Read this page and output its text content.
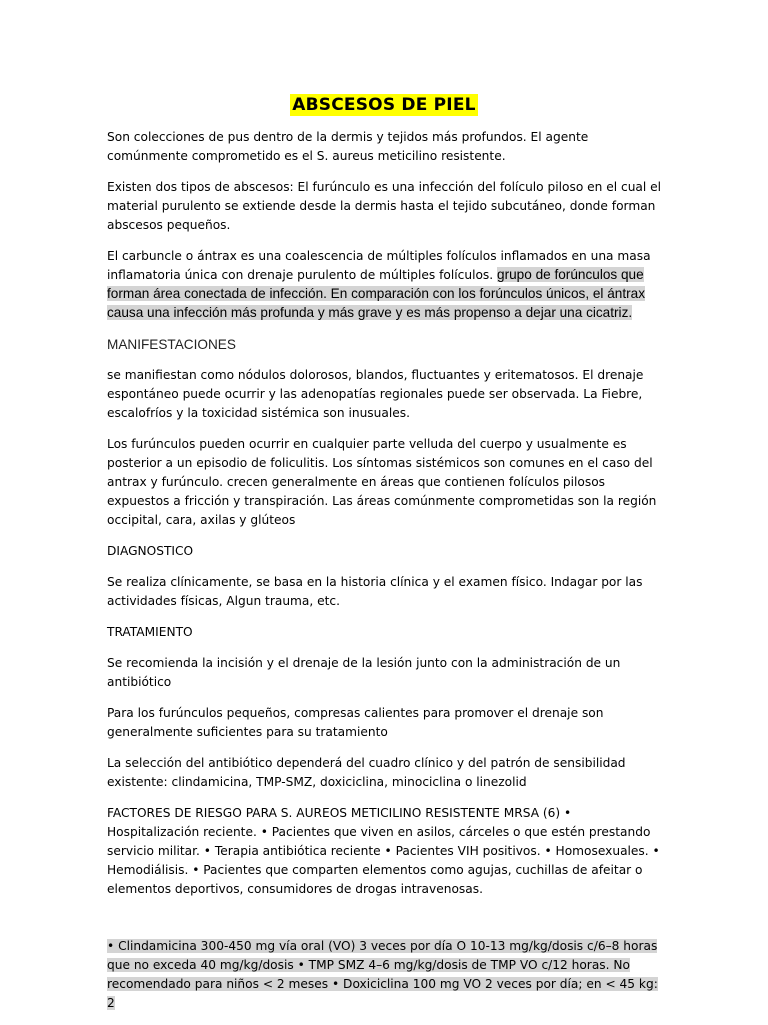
ABSCESOS DE PIEL

Son colecciones de pus dentro de la dermis y tejidos más profundos. El agente comúnmente comprometido es el S. aureus meticilino resistente.

Existen dos tipos de abscesos: El furúnculo es una infección del folículo piloso en el cual el material purulento se extiende desde la dermis hasta el tejido subcutáneo, donde forman abscesos pequeños.

El carbuncle o ántrax es una coalescencia de múltiples folículos inflamados en una masa inflamatoria única con drenaje purulento de múltiples folículos. grupo de forúnculos que forman área conectada de infección. En comparación con los forúnculos únicos, el ántrax causa una infección más profunda y más grave y es más propenso a dejar una cicatriz.

MANIFESTACIONES

se manifiestan como nódulos dolorosos, blandos, fluctuantes y eritematosos. El drenaje espontáneo puede ocurrir y las adenopatías regionales puede ser observada. La Fiebre, escalofríos y la toxicidad sistémica son inusuales.

Los furúnculos pueden ocurrir en cualquier parte velluda del cuerpo y usualmente es posterior a un episodio de foliculitis. Los síntomas sistémicos son comunes en el caso del antrax y furúnculo. crecen generalmente en áreas que contienen folículos pilosos expuestos a fricción y transpiración. Las áreas comúnmente comprometidas son la región occipital, cara, axilas y glúteos

DIAGNOSTICO

Se realiza clínicamente, se basa en la historia clínica y el examen físico. Indagar por las actividades físicas, Algun trauma, etc.

TRATAMIENTO

Se recomienda la incisión y el drenaje de la lesión junto con la administración de un antibiótico

Para los furúnculos pequeños, compresas calientes para promover el drenaje son generalmente suficientes para su tratamiento

La selección del antibiótico dependerá del cuadro clínico y del patrón de sensibilidad existente: clindamicina, TMP-SMZ, doxiciclina, minociclina o linezolid

FACTORES DE RIESGO PARA S. AUREOS METICILINO RESISTENTE MRSA (6) • Hospitalización reciente. • Pacientes que viven en asilos, cárceles o que estén prestando servicio militar. • Terapia antibiótica reciente • Pacientes VIH positivos. • Homosexuales. • Hemodiálisis. • Pacientes que comparten elementos como agujas, cuchillas de afeitar o elementos deportivos, consumidores de drogas intravenosas.

• Clindamicina 300-450 mg vía oral (VO) 3 veces por día O 10-13 mg/kg/dosis c/6–8 horas que no exceda 40 mg/kg/dosis • TMP SMZ 4–6 mg/kg/dosis de TMP VO c/12 horas. No recomendado para niños < 2 meses • Doxiciclina 100 mg VO 2 veces por día; en < 45 kg: 2
